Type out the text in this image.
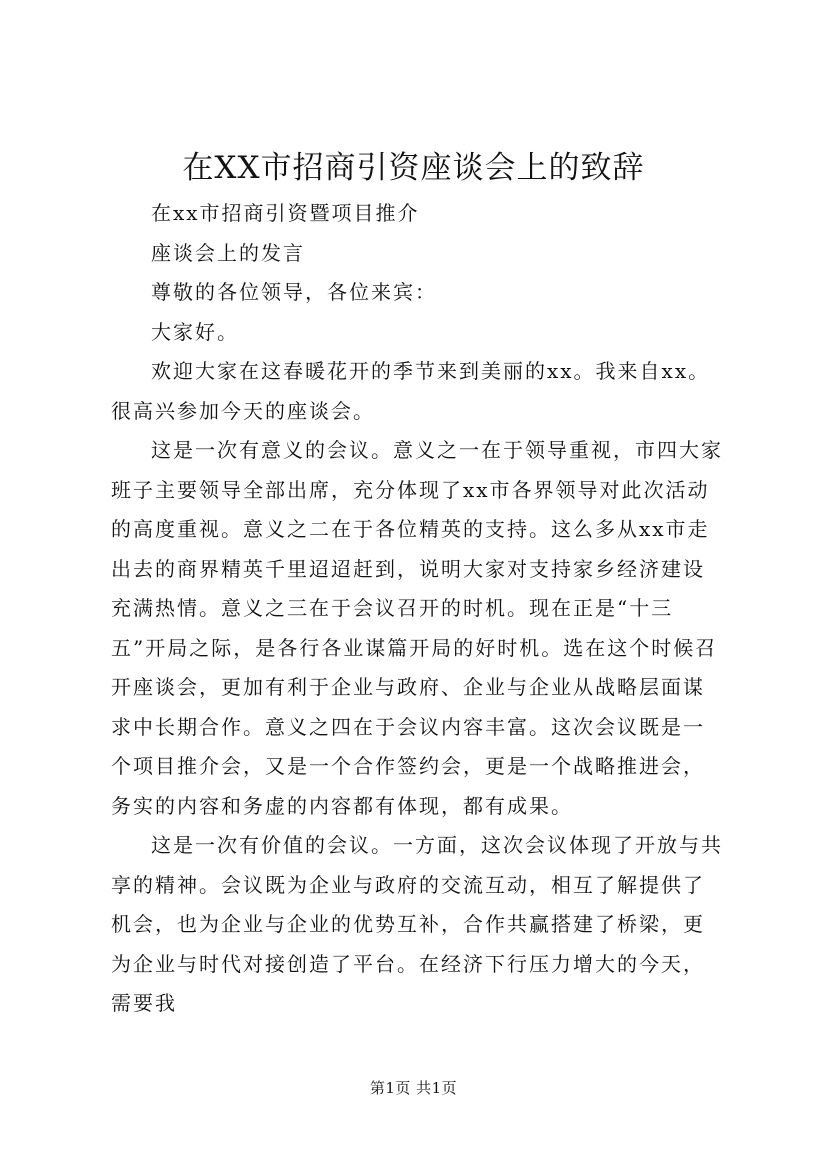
在XX市招商引资座谈会上的致辞

在xx市招商引资暨项目推介

座谈会上的发言

尊敬的各位领导，各位来宾：

大家好。

欢迎大家在这春暖花开的季节来到美丽的xx。我来自xx。很高兴参加今天的座谈会。

这是一次有意义的会议。意义之一在于领导重视，市四大家班子主要领导全部出席，充分体现了xx市各界领导对此次活动的高度重视。意义之二在于各位精英的支持。这么多从xx市走出去的商界精英千里迢迢赶到，说明大家对支持家乡经济建设充满热情。意义之三在于会议召开的时机。现在正是“十三五”开局之际，是各行各业谋篇开局的好时机。选在这个时候召开座谈会，更加有利于企业与政府、企业与企业从战略层面谋求中长期合作。意义之四在于会议内容丰富。这次会议既是一个项目推介会，又是一个合作签约会，更是一个战略推进会，务实的内容和务虚的内容都有体现，都有成果。

这是一次有价值的会议。一方面，这次会议体现了开放与共享的精神。会议既为企业与政府的交流互动，相互了解提供了机会，也为企业与企业的优势互补，合作共赢搭建了桥梁，更为企业与时代对接创造了平台。在经济下行压力增大的今天，需要我

第1页 共1页
